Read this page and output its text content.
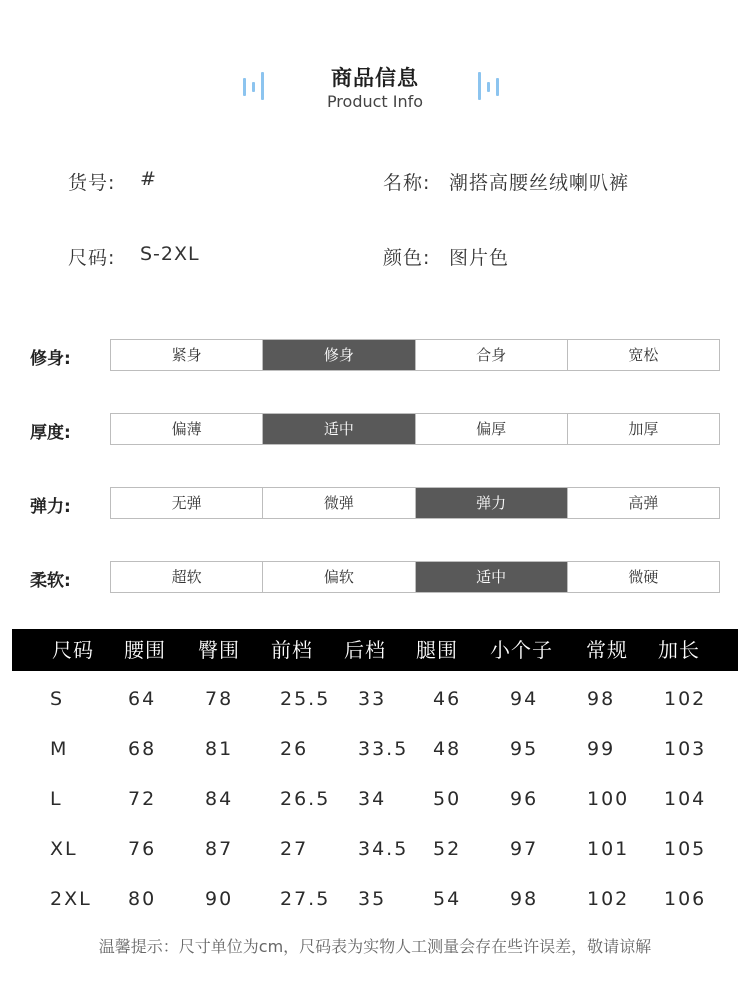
商品信息
Product Info
货号: #	名称: 潮搭高腰丝绒喇叭裤
尺码: S-2XL	颜色: 图片色
修身:	紧身	修身	合身	宽松
厚度:	偏薄	适中	偏厚	加厚
弹力:	无弹	微弹	弹力	高弹
柔软:	超软	偏软	适中	微硬
尺码 腰围 臀围 前档 后档 腿围 小个子 常规 加长
S	64	78 25.5 33 46	94	98	102
M	68	81 26	33.5 48	95	99	103
L	72	84 26.5 34 50	96	100 104
XL	76	87 27	34.5 52	97	101 105
2XL 80	90 27.5 35 54	98	102 106
温馨提示：尺寸单位为cm，尺码表为实物人工测量会存在些许误差，敬请谅解
